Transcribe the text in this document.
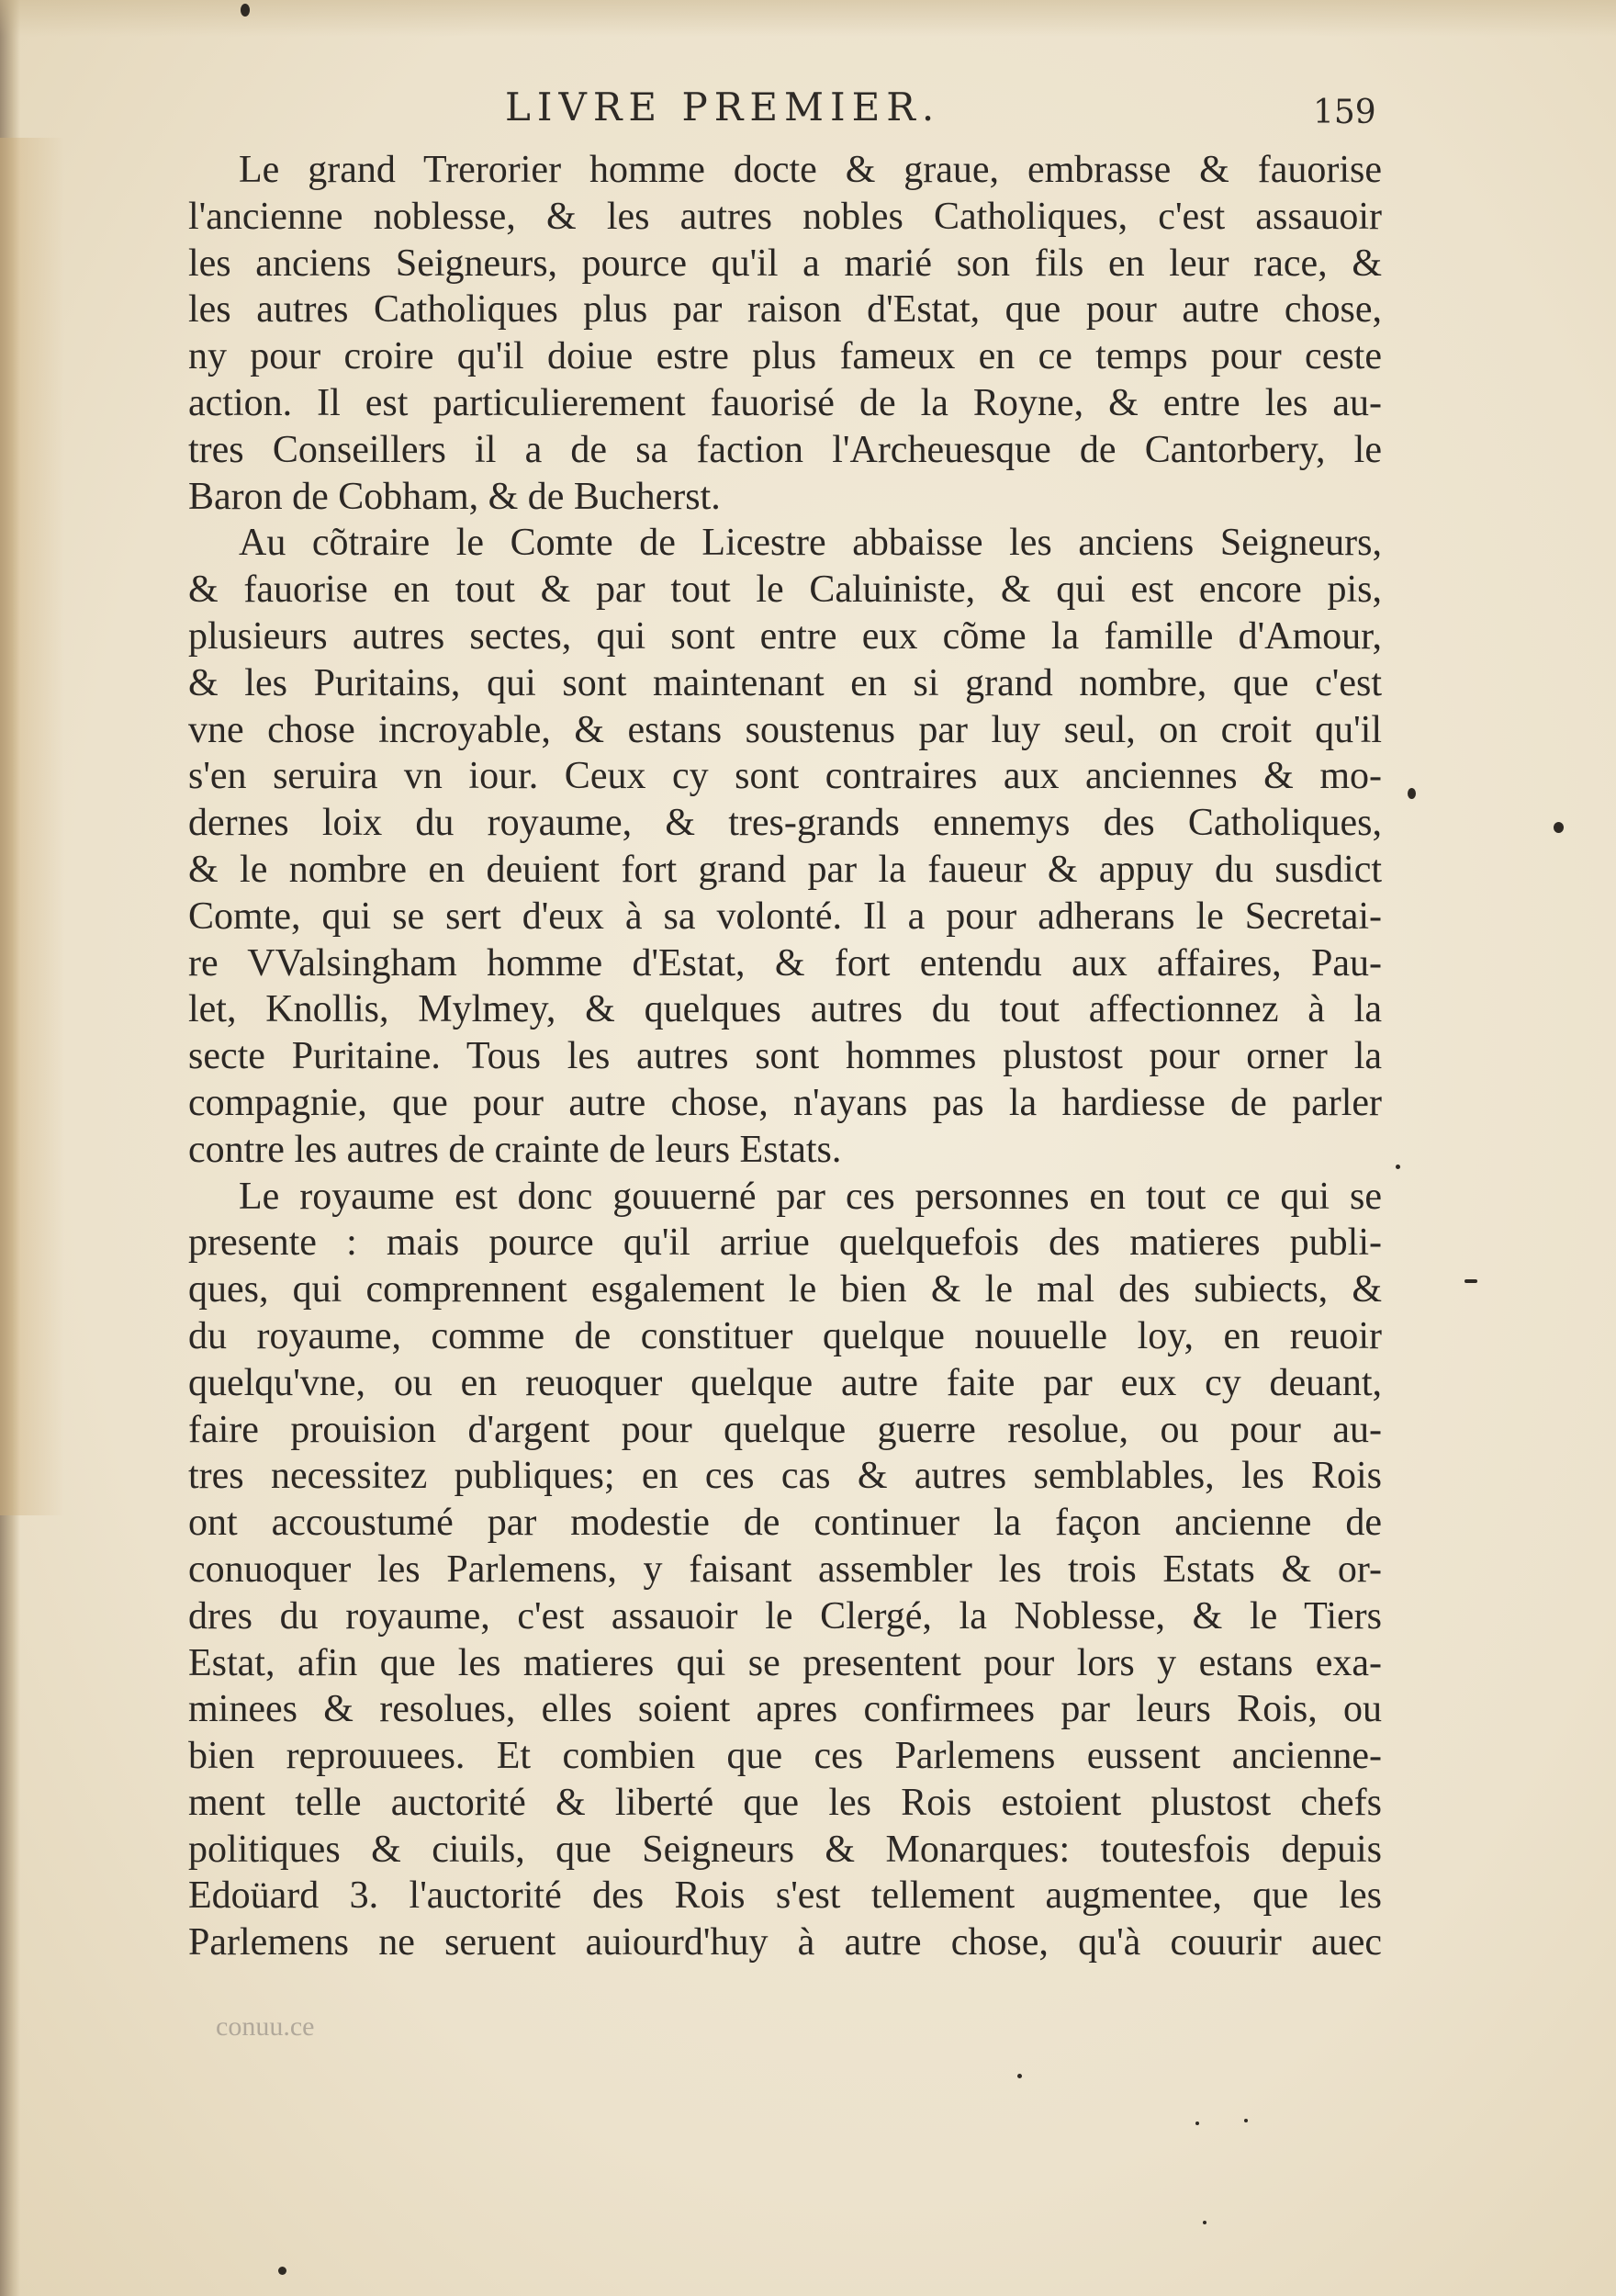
LIVRE PREMIER.	159
Le grand Trerorier homme docte & graue, embrasse & fauorise
l'ancienne noblesse, & les autres nobles Catholiques, c'est assauoir
les anciens Seigneurs, pource qu'il a marié son fils en leur race, &
les autres Catholiques plus par raison d'Estat, que pour autre chose,
ny pour croire qu'il doiue estre plus fameux en ce temps pour ceste
action. Il est particulierement fauorisé de la Royne, & entre les au-
tres Conseillers il a de sa faction l'Archeuesque de Cantorbery, le
Baron de Cobham, & de Bucherst.
Au cõtraire le Comte de Licestre abbaisse les anciens Seigneurs,
& fauorise en tout & par tout le Caluiniste, & qui est encore pis,
plusieurs autres sectes, qui sont entre eux cõme la famille d'Amour,
& les Puritains, qui sont maintenant en si grand nombre, que c'est
vne chose incroyable, & estans soustenus par luy seul, on croit qu'il
s'en seruira vn iour. Ceux cy sont contraires aux anciennes & mo-
dernes loix du royaume, & tres-grands ennemys des Catholiques,
& le nombre en deuient fort grand par la faueur & appuy du susdict
Comte, qui se sert d'eux à sa volonté. Il a pour adherans le Secretai-
re VValsingham homme d'Estat, & fort entendu aux affaires, Pau-
let, Knollis, Mylmey, & quelques autres du tout affectionnez à la
secte Puritaine. Tous les autres sont hommes plustost pour orner la
compagnie, que pour autre chose, n'ayans pas la hardiesse de parler
contre les autres de crainte de leurs Estats.
Le royaume est donc gouuerné par ces personnes en tout ce qui se
presente : mais pource qu'il arriue quelquefois des matieres publi-
ques, qui comprennent esgalement le bien & le mal des subiects, &
du royaume, comme de constituer quelque nouuelle loy, en reuoir
quelqu'vne, ou en reuoquer quelque autre faite par eux cy deuant,
faire prouision d'argent pour quelque guerre resolue, ou pour au-
tres necessitez publiques; en ces cas & autres semblables, les Rois
ont accoustumé par modestie de continuer la façon ancienne de
conuoquer les Parlemens, y faisant assembler les trois Estats & or-
dres du royaume, c'est assauoir le Clergé, la Noblesse, & le Tiers
Estat, afin que les matieres qui se presentent pour lors y estans exa-
minees & resolues, elles soient apres confirmees par leurs Rois, ou
bien reprouuees. Et combien que ces Parlemens eussent ancienne-
ment telle auctorité & liberté que les Rois estoient plustost chefs
politiques & ciuils, que Seigneurs & Monarques: toutesfois depuis
Edoüard 3. l'auctorité des Rois s'est tellement augmentee, que les
Parlemens ne seruent auiourd'huy à autre chose, qu'à couurir auec
conuu.ce
